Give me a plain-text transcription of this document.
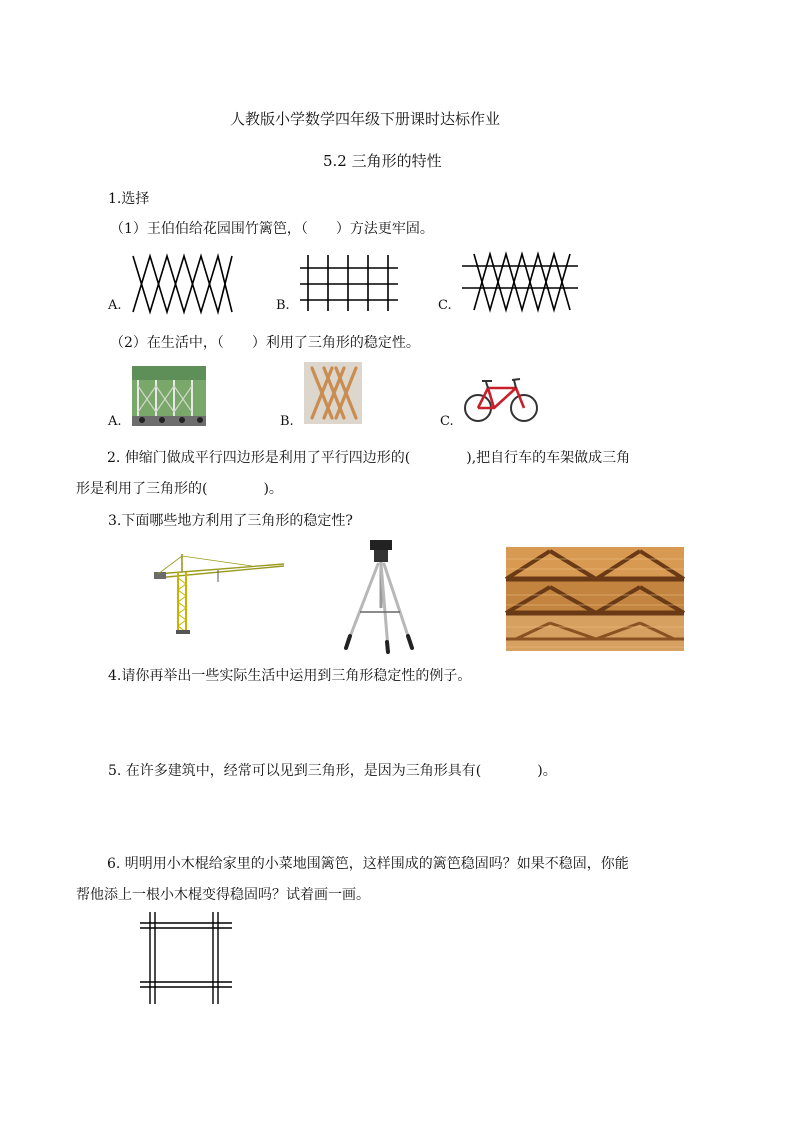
人教版小学数学四年级下册课时达标作业
5.2 三角形的特性
1.选择
（1）王伯伯给花园围竹篱笆，（　　）方法更牢固。
A.	B.	C.
（2）在生活中，（　　）利用了三角形的稳定性。
A.	B.	C.
2. 伸缩门做成平行四边形是利用了平行四边形的(　　　　),把自行车的车架做成三角
形是利用了三角形的(　　　　)。
3.下面哪些地方利用了三角形的稳定性?
4.请你再举出一些实际生活中运用到三角形稳定性的例子。
5. 在许多建筑中，经常可以见到三角形，是因为三角形具有(　　　　)。
6. 明明用小木棍给家里的小菜地围篱笆，这样围成的篱笆稳固吗？如果不稳固，你能
帮他添上一根小木棍变得稳固吗？试着画一画。
